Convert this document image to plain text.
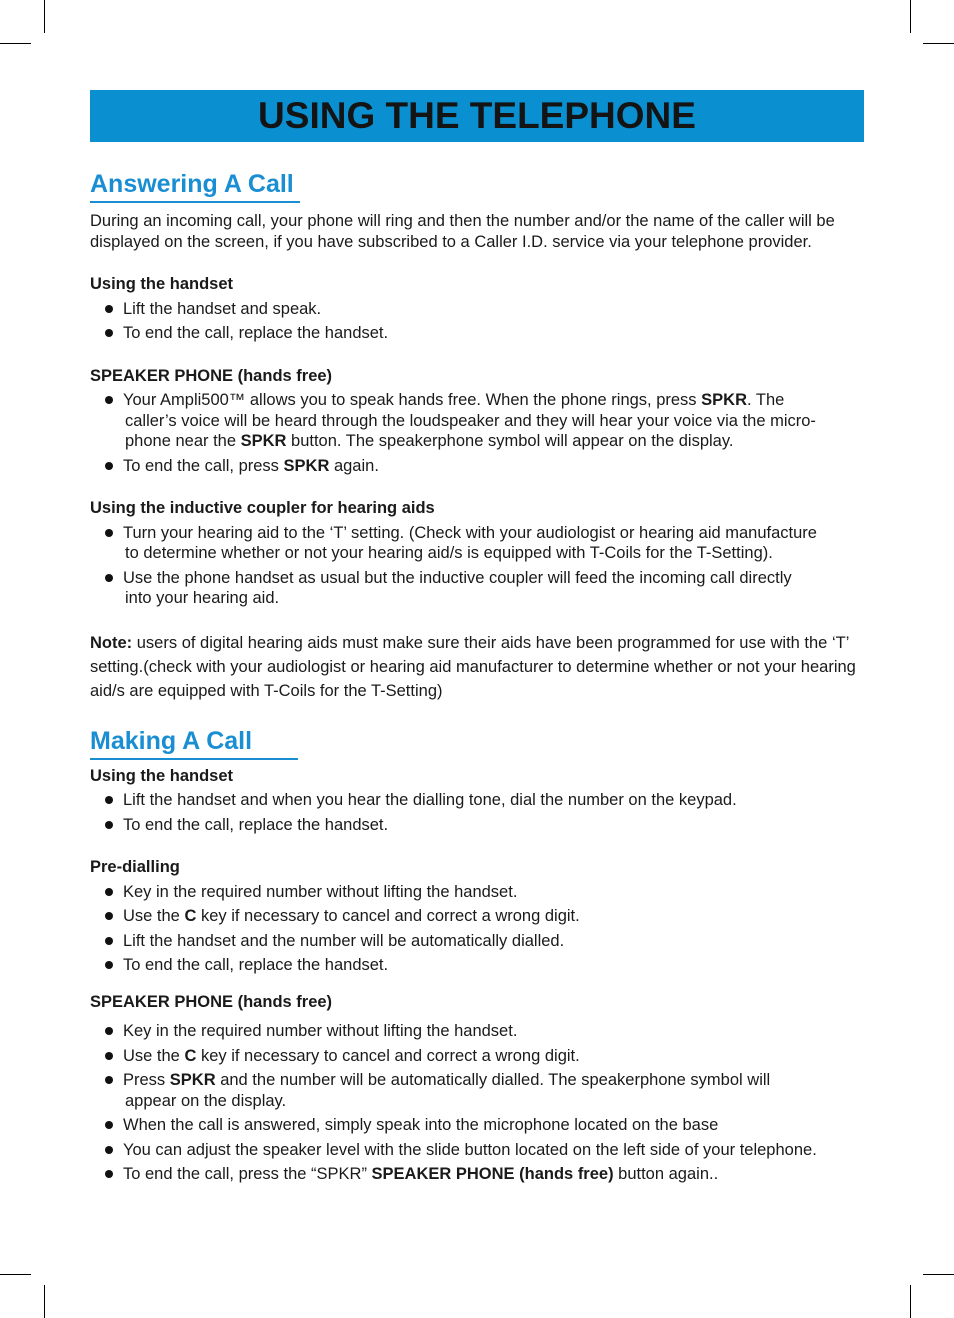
USING THE TELEPHONE
Answering A Call

During an incoming call, your phone will ring and then the number and/or the name of the caller will be displayed on the screen, if you have subscribed to a Caller I.D. service via your telephone provider.

Using the handset
Lift the handset and speak.
To end the call, replace the handset.
SPEAKER PHONE (hands free)
Your Ampli500™ allows you to speak hands free. When the phone rings, press SPKR. The
caller’s voice will be heard through the loudspeaker and they will hear your voice via the micro-
phone near the SPKR button. The speakerphone symbol will appear on the display.
To end the call, press SPKR again.
Using the inductive coupler for hearing aids
Turn your hearing aid to the ‘T’ setting. (Check with your audiologist or hearing aid manufacture
to determine whether or not your hearing aid/s is equipped with T-Coils for the T-Setting).
Use the phone handset as usual but the inductive coupler will feed the incoming call directly
into your hearing aid.

Note: users of digital hearing aids must make sure their aids have been programmed for use with the ‘T’ setting.(check with your audiologist or hearing aid manufacturer to determine whether or not your hearing aid/s are equipped with T-Coils for the T-Setting)

Making A Call
Using the handset
Lift the handset and when you hear the dialling tone, dial the number on the keypad.
To end the call, replace the handset.
Pre-dialling
Key in the required number without lifting the handset.
Use the C key if necessary to cancel and correct a wrong digit.
Lift the handset and the number will be automatically dialled.
To end the call, replace the handset.
SPEAKER PHONE (hands free)
Key in the required number without lifting the handset.
Use the C key if necessary to cancel and correct a wrong digit.
Press SPKR and the number will be automatically dialled. The speakerphone symbol will
appear on the display.
When the call is answered, simply speak into the microphone located on the base
You can adjust the speaker level with the slide button located on the left side of your telephone.
To end the call, press the “SPKR” SPEAKER PHONE (hands free) button again..
